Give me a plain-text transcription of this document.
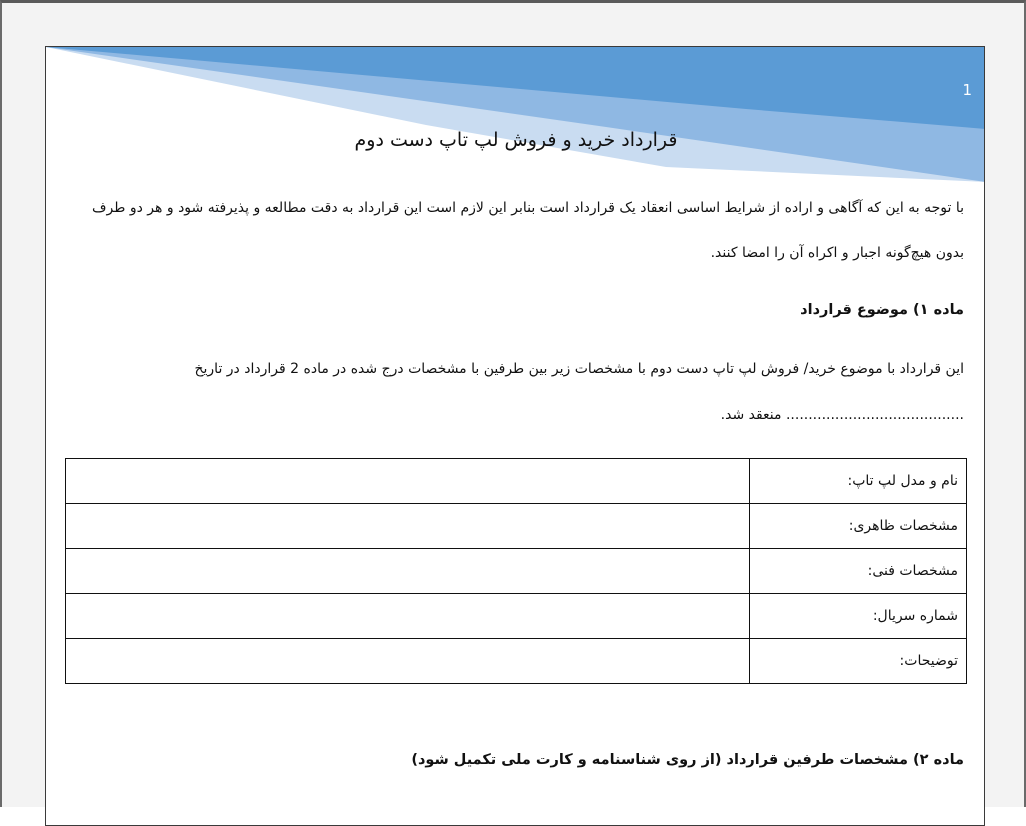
1
قرارداد خرید و فروش لپ تاپ دست دوم
با توجه به این که آگاهی و اراده از شرایط اساسی انعقاد یک قرارداد است بنابر این لازم است این قرارداد به دقت مطالعه و پذیرفته شود و هر دو طرف
بدون هیچ‌گونه اجبار و اکراه آن را امضا کنند.
ماده ۱) موضوع قرارداد
این قرارداد با موضوع خرید/ فروش لپ تاپ دست دوم با مشخصات زیر بین طرفین با مشخصات درج شده در ماده 2 قرارداد در تاریخ
........................................ منعقد شد.
نام و مدل لپ تاپ:	
مشخصات ظاهری:	
مشخصات فنی:	
شماره سریال:	
توضیحات:	
ماده ۲) مشخصات طرفین قرارداد (از روی شناسنامه و کارت ملی تکمیل شود)
